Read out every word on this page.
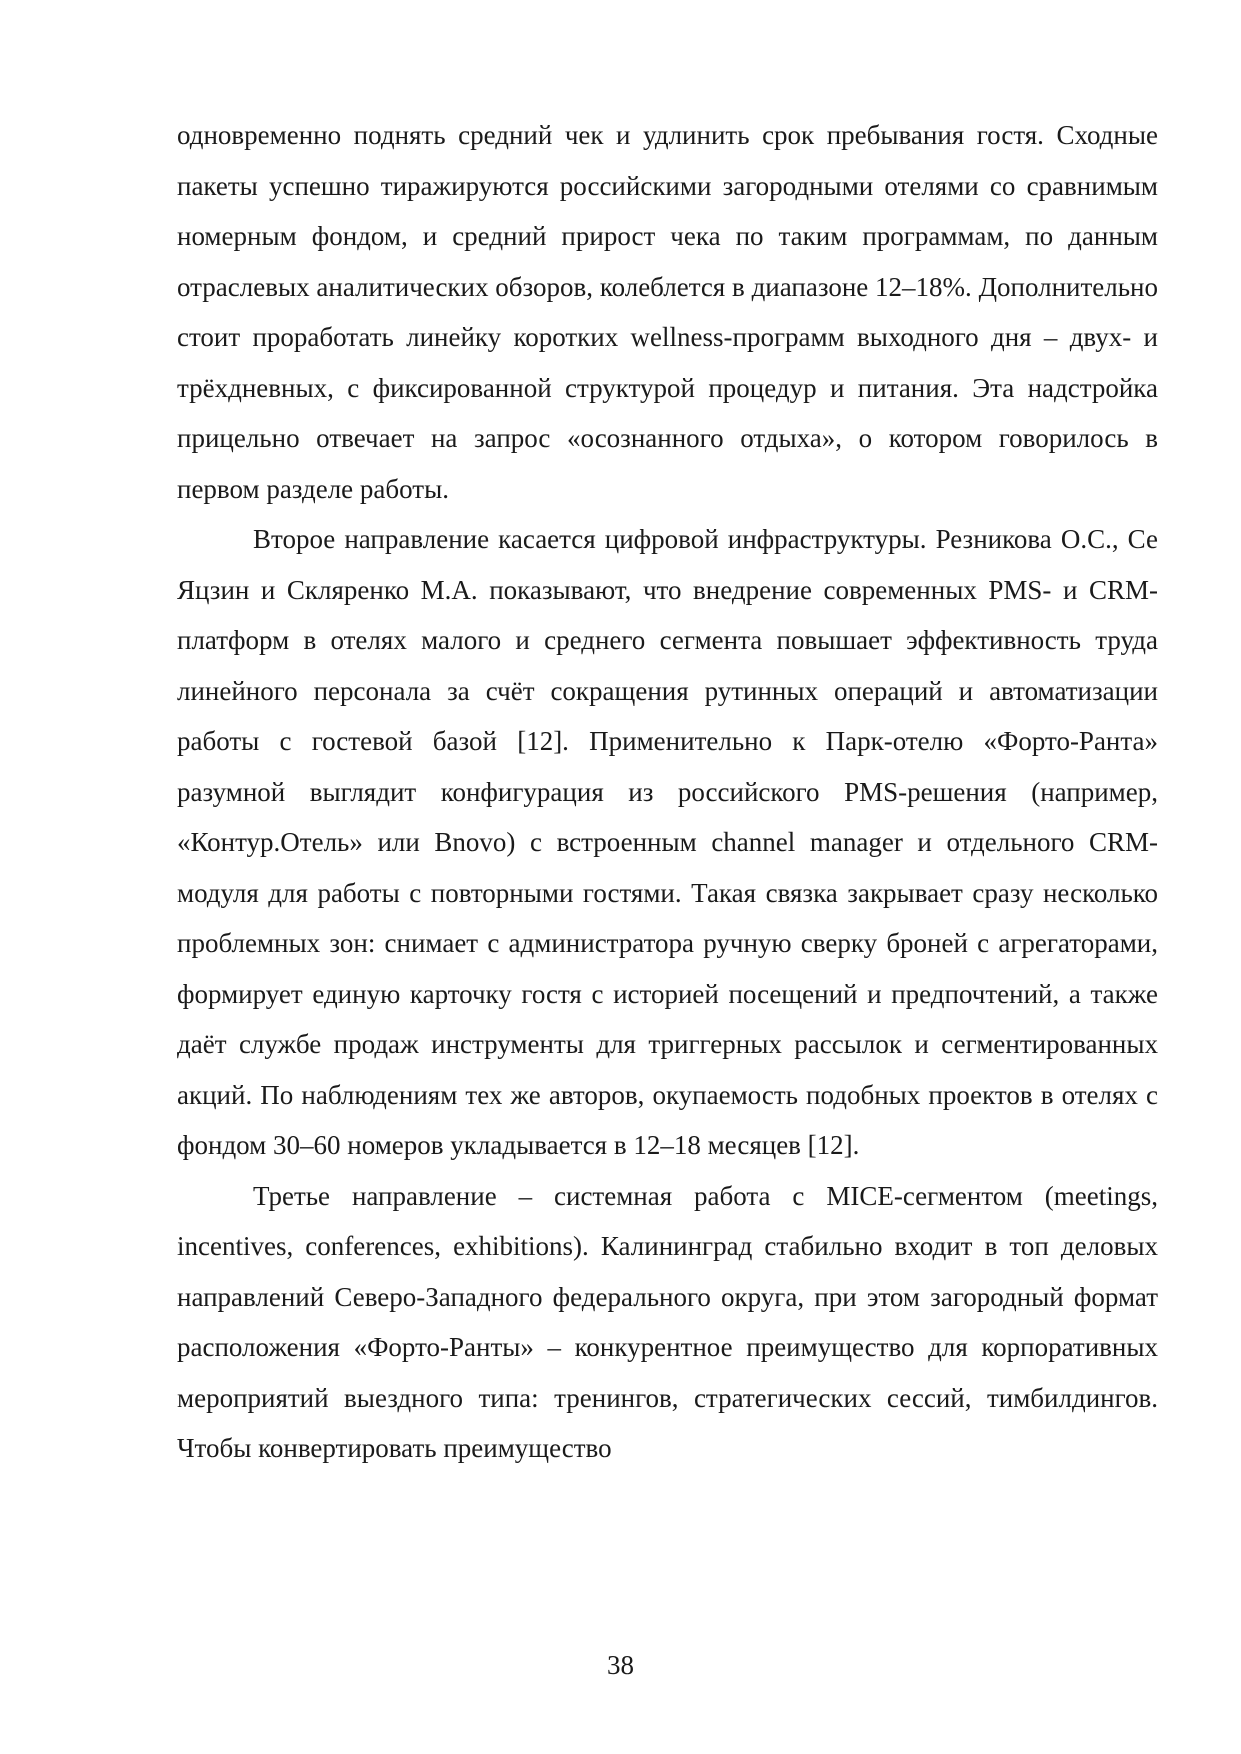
одновременно поднять средний чек и удлинить срок пребывания гостя. Сходные пакеты успешно тиражируются российскими загородными отелями со сравнимым номерным фондом, и средний прирост чека по таким программам, по данным отраслевых аналитических обзоров, колеблется в диапазоне 12–18%. Дополнительно стоит проработать линейку коротких wellness-программ выходного дня – двух- и трёхдневных, с фиксированной структурой процедур и питания. Эта надстройка прицельно отвечает на запрос «осознанного отдыха», о котором говорилось в первом разделе работы.

Второе направление касается цифровой инфраструктуры. Резникова О.С., Се Яцзин и Скляренко М.А. показывают, что внедрение современных PMS- и CRM-платформ в отелях малого и среднего сегмента повышает эффективность труда линейного персонала за счёт сокращения рутинных операций и автоматизации работы с гостевой базой [12]. Применительно к Парк-отелю «Форто-Ранта» разумной выглядит конфигурация из российского PMS-решения (например, «Контур.Отель» или Bnovo) с встроенным channel manager и отдельного CRM-модуля для работы с повторными гостями. Такая связка закрывает сразу несколько проблемных зон: снимает с администратора ручную сверку броней с агрегаторами, формирует единую карточку гостя с историей посещений и предпочтений, а также даёт службе продаж инструменты для триггерных рассылок и сегментированных акций. По наблюдениям тех же авторов, окупаемость подобных проектов в отелях с фондом 30–60 номеров укладывается в 12–18 месяцев [12].

Третье направление – системная работа с MICE-сегментом (meetings, incentives, conferences, exhibitions). Калининград стабильно входит в топ деловых направлений Северо-Западного федерального округа, при этом загородный формат расположения «Форто-Ранты» – конкурентное преимущество для корпоративных мероприятий выездного типа: тренингов, стратегических сессий, тимбилдингов. Чтобы конвертировать преимущество

38
